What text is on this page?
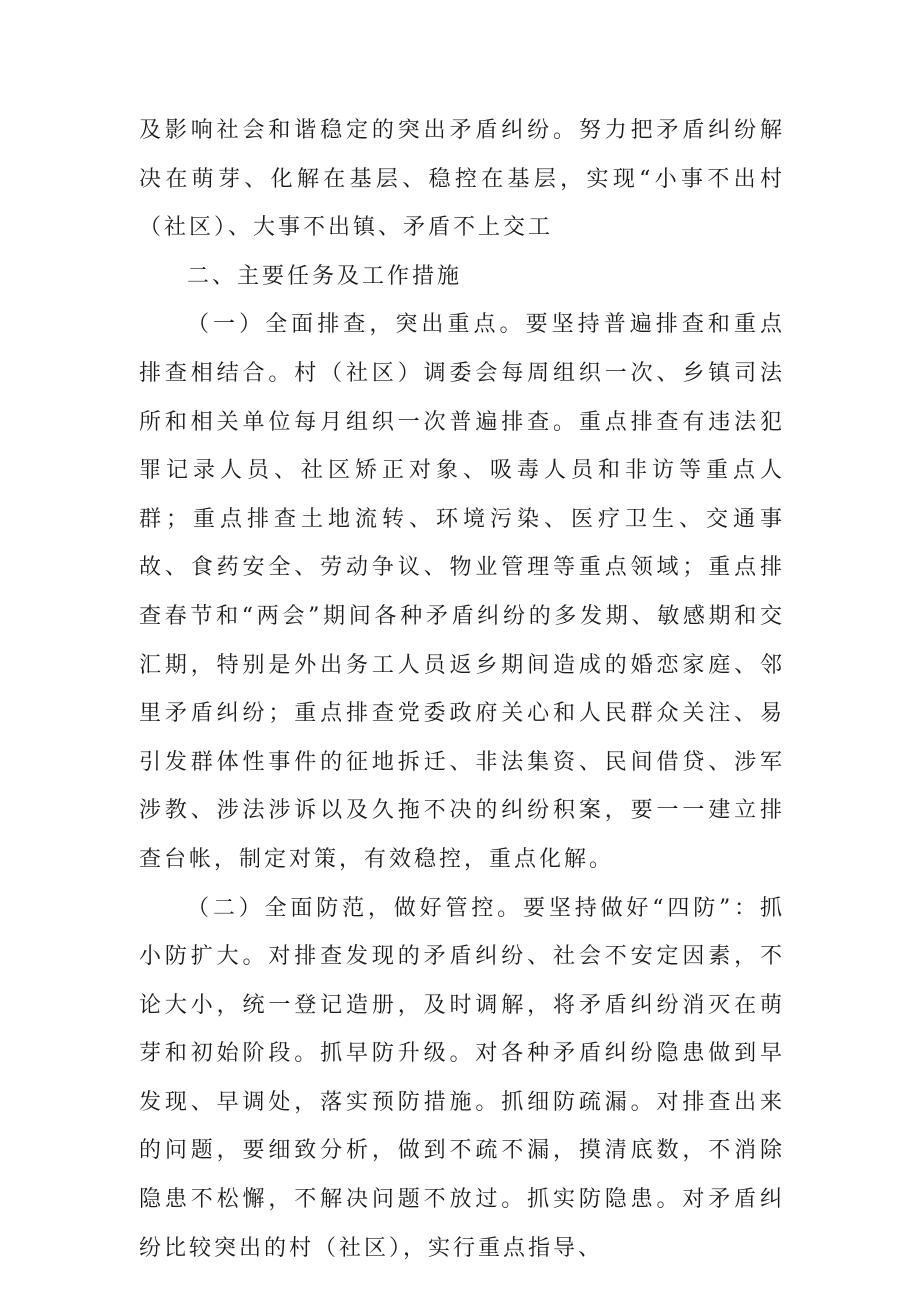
及影响社会和谐稳定的突出矛盾纠纷。努力把矛盾纠纷解决在萌芽、化解在基层、稳控在基层，实现“小事不出村（社区）、大事不出镇、矛盾不上交工

二、主要任务及工作措施

（一）全面排查，突出重点。要坚持普遍排查和重点排查相结合。村（社区）调委会每周组织一次、乡镇司法所和相关单位每月组织一次普遍排查。重点排查有违法犯罪记录人员、社区矫正对象、吸毒人员和非访等重点人群；重点排查土地流转、环境污染、医疗卫生、交通事故、食药安全、劳动争议、物业管理等重点领域；重点排查春节和“两会”期间各种矛盾纠纷的多发期、敏感期和交汇期，特别是外出务工人员返乡期间造成的婚恋家庭、邻里矛盾纠纷；重点排查党委政府关心和人民群众关注、易引发群体性事件的征地拆迁、非法集资、民间借贷、涉军涉教、涉法涉诉以及久拖不决的纠纷积案，要一一建立排查台帐，制定对策，有效稳控，重点化解。

（二）全面防范，做好管控。要坚持做好“四防”：抓小防扩大。对排查发现的矛盾纠纷、社会不安定因素，不论大小，统一登记造册，及时调解，将矛盾纠纷消灭在萌芽和初始阶段。抓早防升级。对各种矛盾纠纷隐患做到早发现、早调处，落实预防措施。抓细防疏漏。对排查出来的问题，要细致分析，做到不疏不漏，摸清底数，不消除隐患不松懈，不解决问题不放过。抓实防隐患。对矛盾纠纷比较突出的村（社区），实行重点指导、
